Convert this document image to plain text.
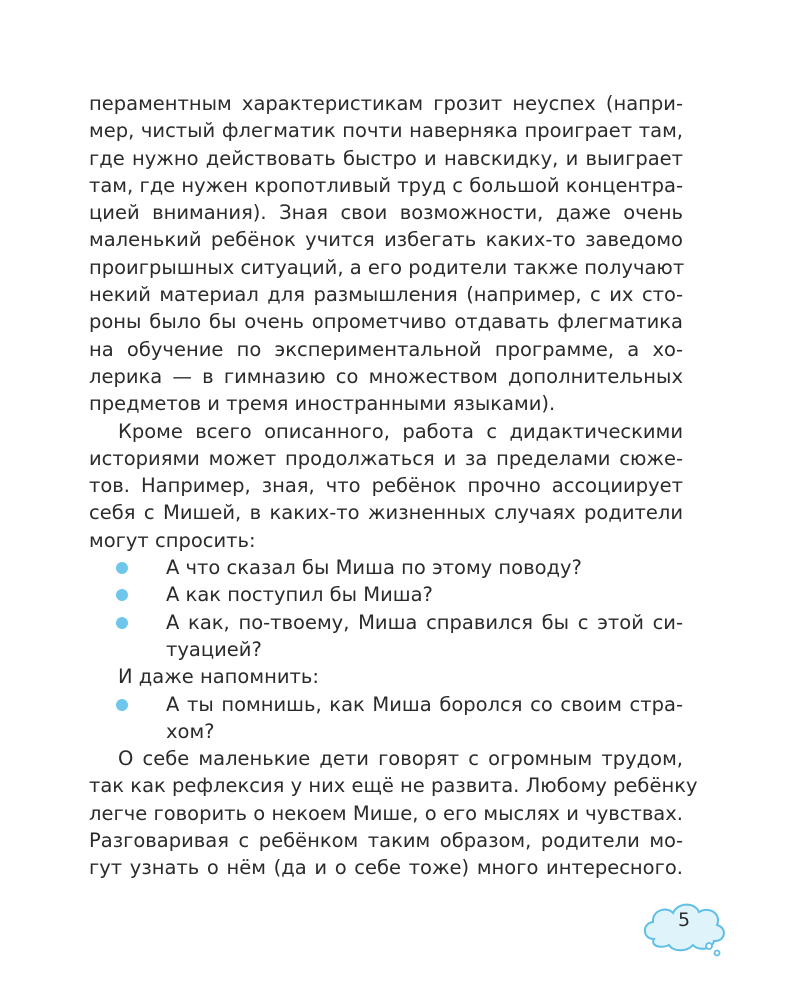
пераментным характеристикам грозит неуспех (напри-
мер, чистый флегматик почти наверняка проиграет там,
где нужно действовать быстро и навскидку, и выиграет
там, где нужен кропотливый труд с большой концентра-
цией внимания). Зная свои возможности, даже очень
маленький ребёнок учится избегать каких-то заведомо
проигрышных ситуаций, а его родители также получают
некий материал для размышления (например, с их сто-
роны было бы очень опрометчиво отдавать флегматика
на обучение по экспериментальной программе, а хо-
лерика — в гимназию со множеством дополнительных
предметов и тремя иностранными языками).
Кроме всего описанного, работа с дидактическими
историями может продолжаться и за пределами сюже-
тов. Например, зная, что ребёнок прочно ассоциирует
себя с Мишей, в каких-то жизненных случаях родители
могут спросить:
А что сказал бы Миша по этому поводу?
А как поступил бы Миша?
А как, по-твоему, Миша справился бы с этой си-
туацией?
И даже напомнить:
А ты помнишь, как Миша боролся со своим стра-
хом?
О себе маленькие дети говорят с огромным трудом,
так как рефлексия у них ещё не развита. Любому ребёнку
легче говорить о некоем Мише, о его мыслях и чувствах.
Разговаривая с ребёнком таким образом, родители мо-
гут узнать о нём (да и о себе тоже) много интересного.
5
